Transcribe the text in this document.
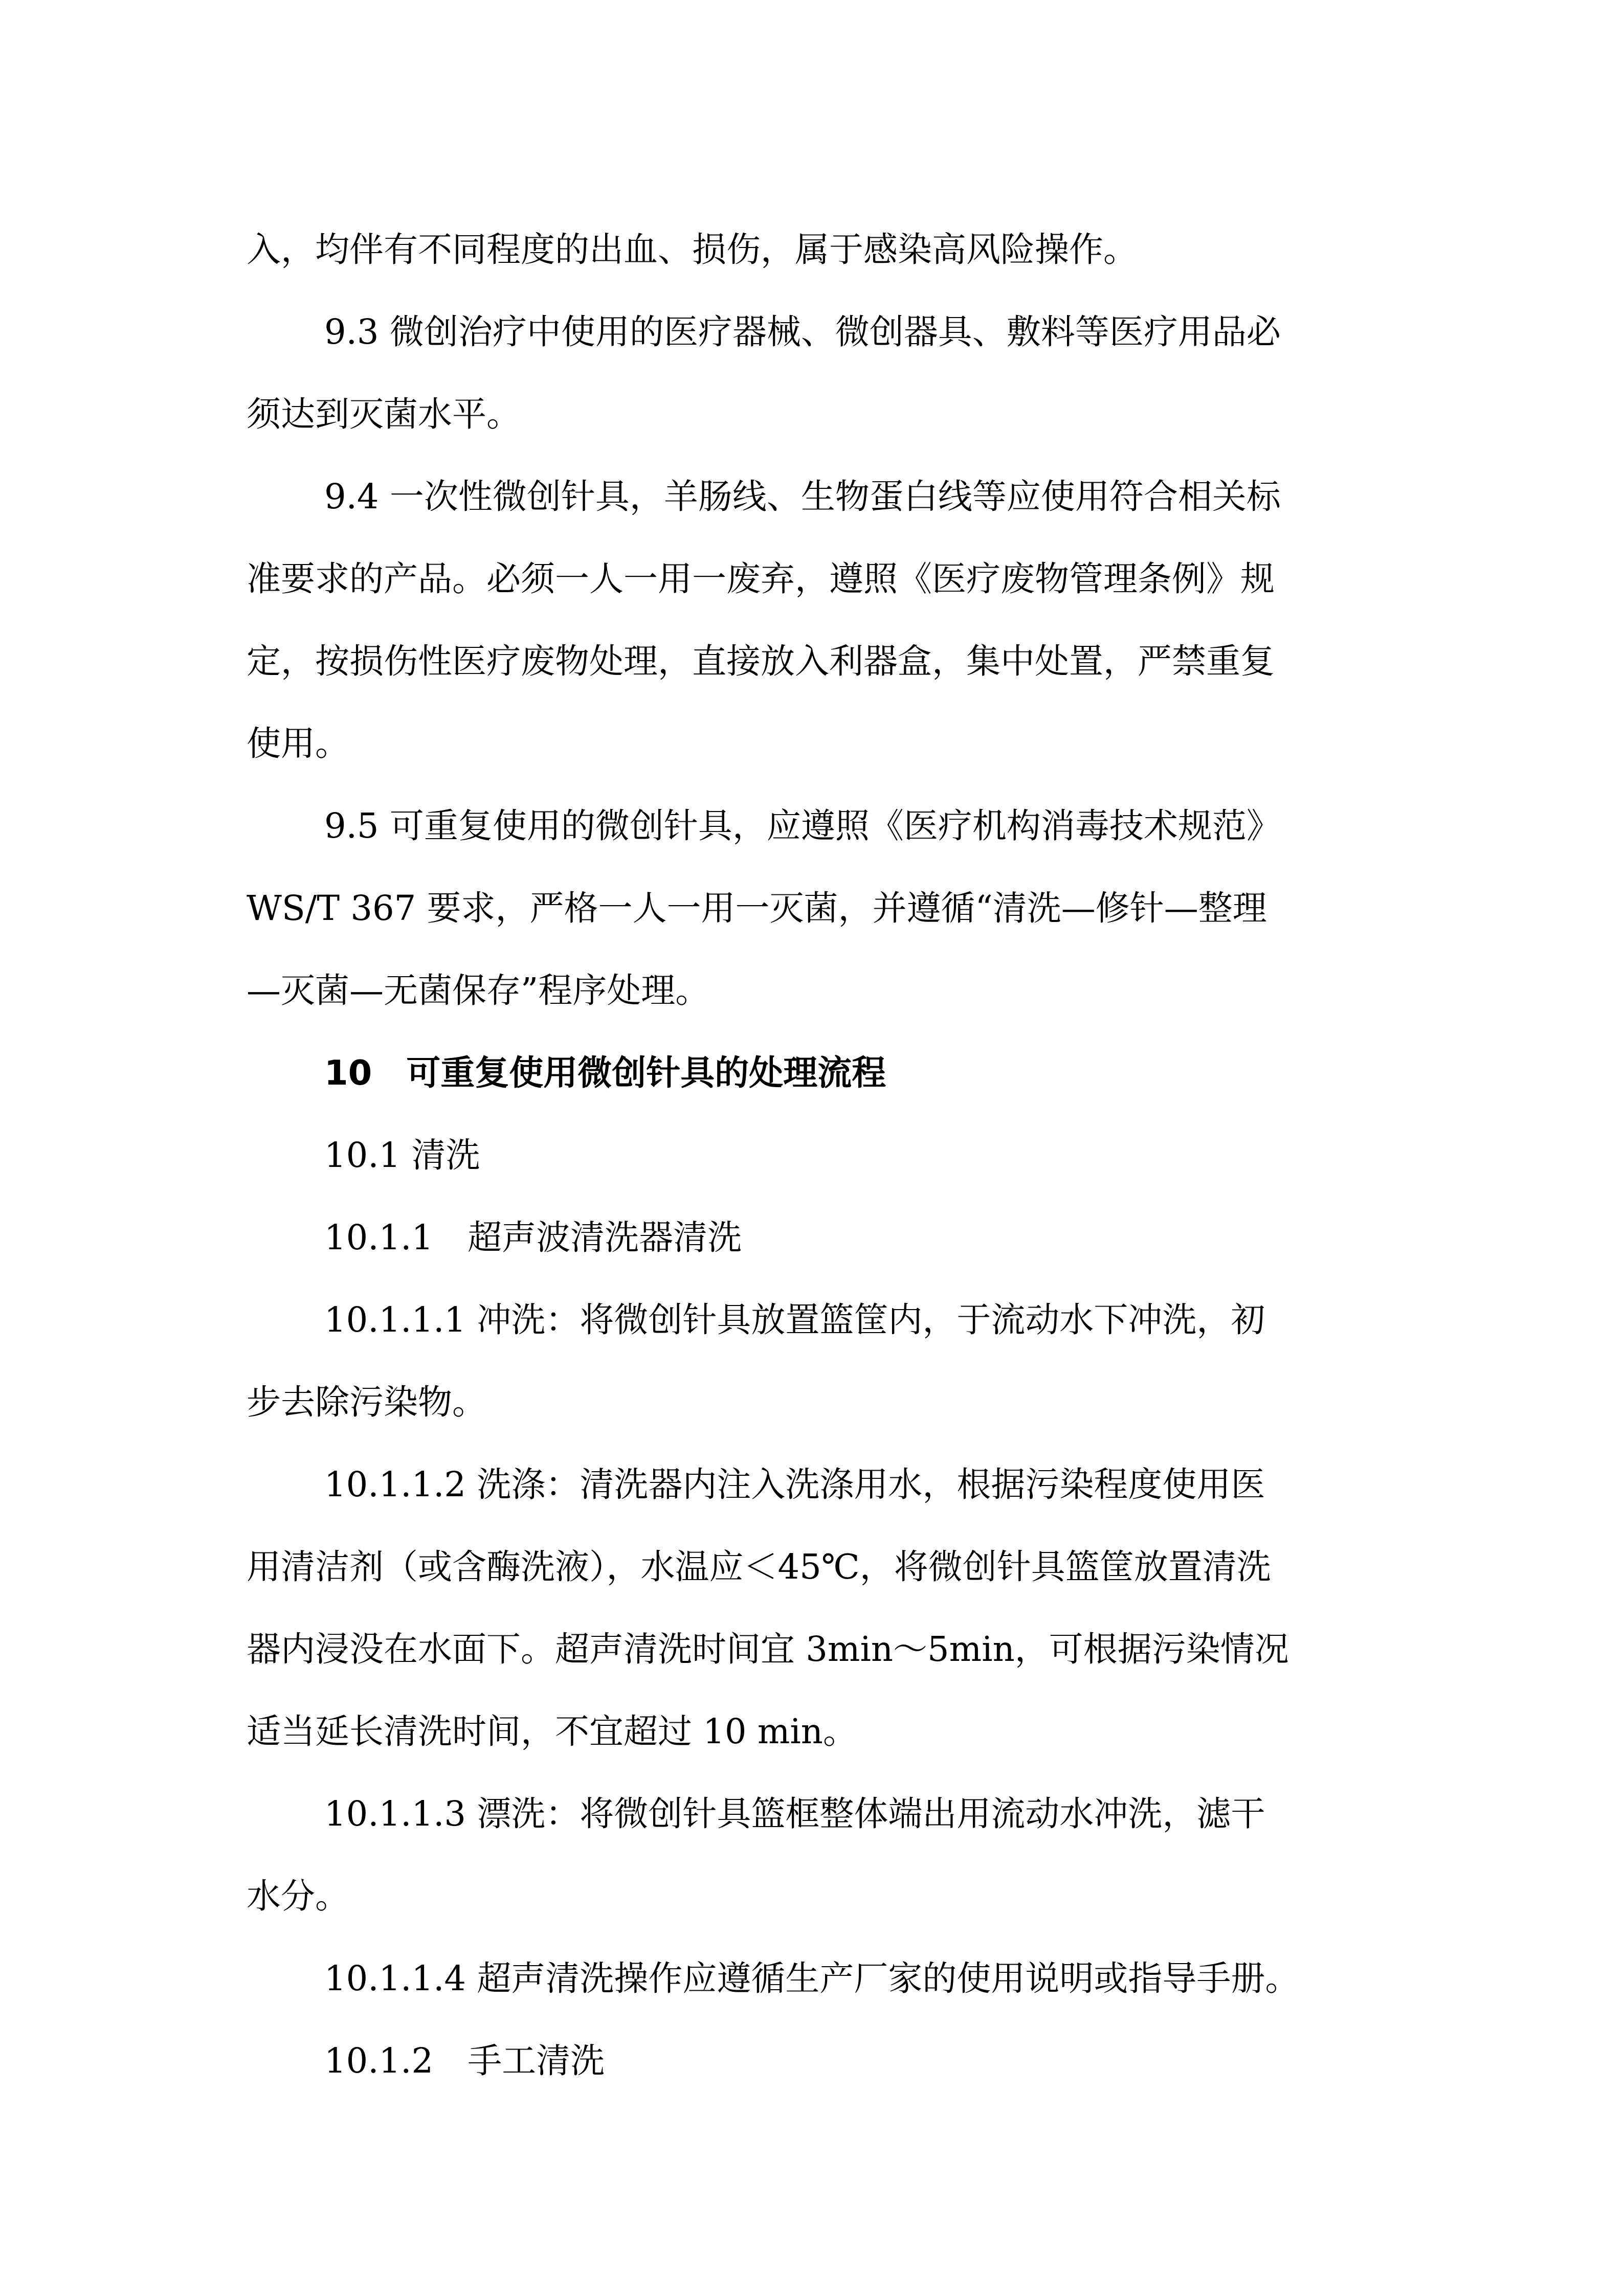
入，均伴有不同程度的出血、损伤，属于感染高风险操作。

9.3 微创治疗中使用的医疗器械、微创器具、敷料等医疗用品必
须达到灭菌水平。

9.4 一次性微创针具，羊肠线、生物蛋白线等应使用符合相关标
准要求的产品。必须一人一用一废弃，遵照《医疗废物管理条例》规
定，按损伤性医疗废物处理，直接放入利器盒，集中处置，严禁重复
使用。

9.5 可重复使用的微创针具，应遵照《医疗机构消毒技术规范》
WS/T 367 要求，严格一人一用一灭菌，并遵循“清洗—修针—整理
—灭菌—无菌保存”程序处理。

10　可重复使用微创针具的处理流程

10.1 清洗

10.1.1　超声波清洗器清洗

10.1.1.1 冲洗：将微创针具放置篮筐内，于流动水下冲洗，初
步去除污染物。

10.1.1.2 洗涤：清洗器内注入洗涤用水，根据污染程度使用医
用清洁剂（或含酶洗液），水温应＜45℃，将微创针具篮筐放置清洗
器内浸没在水面下。超声清洗时间宜 3min～5min，可根据污染情况
适当延长清洗时间，不宜超过 10 min。

10.1.1.3 漂洗：将微创针具篮框整体端出用流动水冲洗，滤干
水分。

10.1.1.4 超声清洗操作应遵循生产厂家的使用说明或指导手册。

10.1.2　手工清洗
